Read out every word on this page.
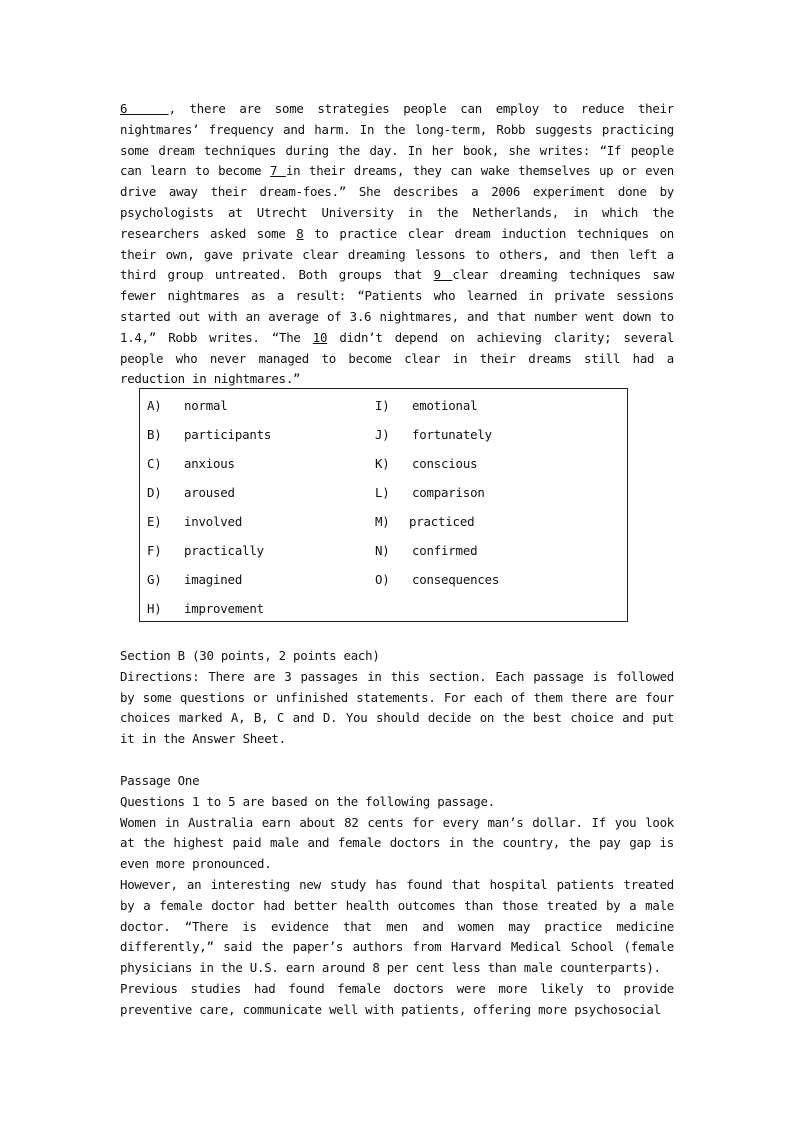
6   , there are some strategies people can employ to reduce their nightmares’ frequency and harm. In the long-term, Robb suggests practicing some dream techniques during the day. In her book, she writes: “If people can learn to become 7 in their dreams, they can wake themselves up or even drive away their dream-foes.” She describes a 2006 experiment done by psychologists at Utrecht University in the Netherlands, in which the researchers asked some 8 to practice clear dream induction techniques on their own, gave private clear dreaming lessons to others, and then left a third group untreated. Both groups that 9 clear dreaming techniques saw fewer nightmares as a result: “Patients who learned in private sessions started out with an average of 3.6 nightmares, and that number went down to 1.4,” Robb writes. “The 10 didn’t depend on achieving clarity; several people who never managed to become clear in their dreams still had a reduction in nightmares.”

A) normal
B) participants
C) anxious
D) aroused
E) involved
F) practically
G) imagined
H) improvement
I) emotional
J) fortunately
K) conscious
L) comparison
M) practiced
N) confirmed
O) consequences

Section B (30 points, 2 points each)

Directions: There are 3 passages in this section. Each passage is followed by some questions or unfinished statements. For each of them there are four choices marked A, B, C and D. You should decide on the best choice and put it in the Answer Sheet.

Passage One

Questions 1 to 5 are based on the following passage.

Women in Australia earn about 82 cents for every man’s dollar. If you look at the highest paid male and female doctors in the country, the pay gap is even more pronounced.

However, an interesting new study has found that hospital patients treated by a female doctor had better health outcomes than those treated by a male doctor. “There is evidence that men and women may practice medicine differently,” said the paper’s authors from Harvard Medical School (female physicians in the U.S. earn around 8 per cent less than male counterparts).

Previous studies had found female doctors were more likely to provide preventive care, communicate well with patients, offering more psychosocial
